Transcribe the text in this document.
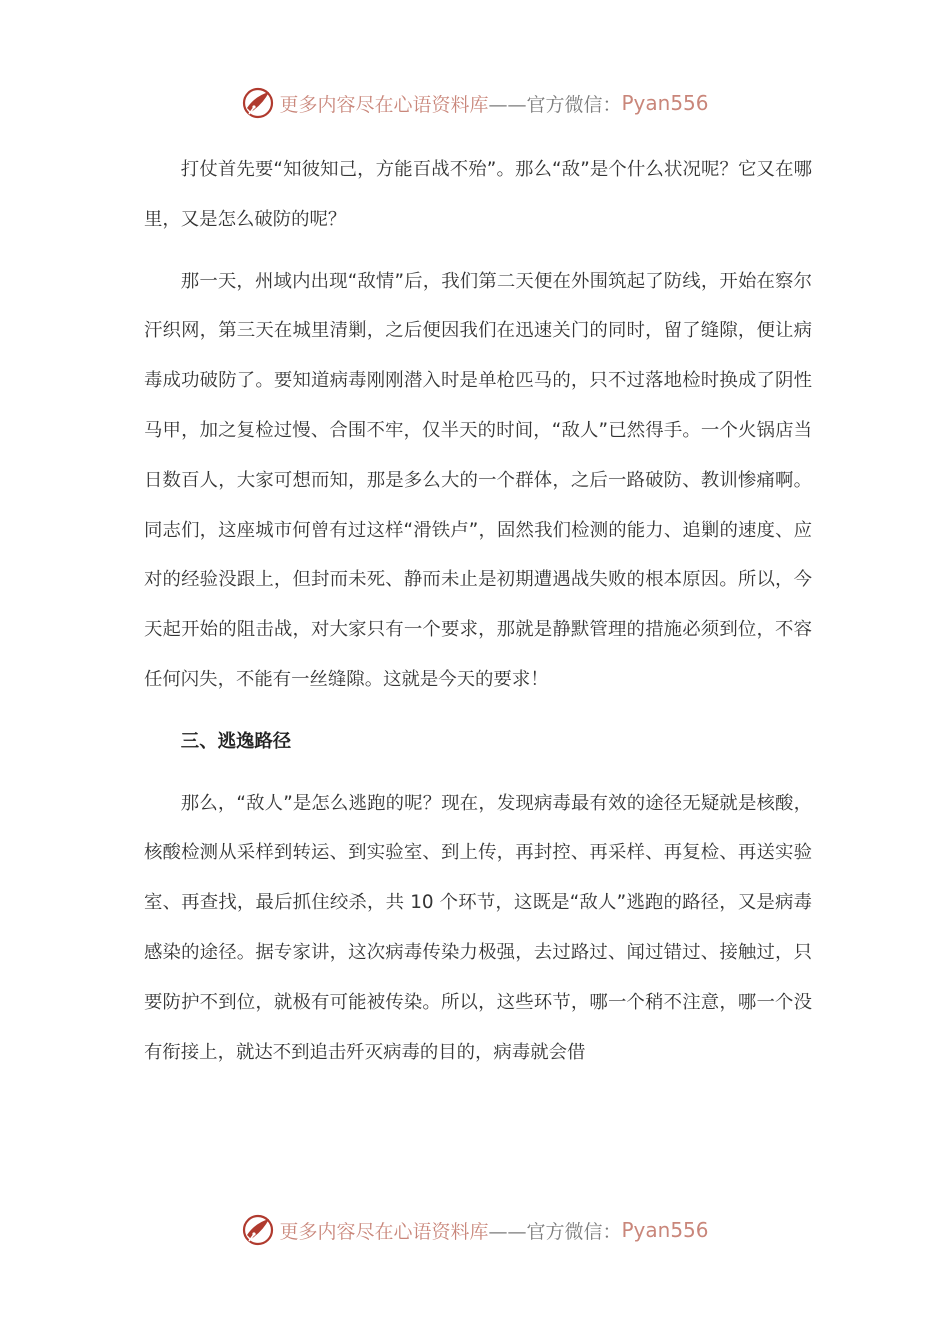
更多内容尽在心语资料库 ——官方微信： Pyan556

打仗首先要“知彼知己，方能百战不殆”。那么“敌”是个什么状况呢？它又在哪里，又是怎么破防的呢？

那一天，州域内出现“敌情”后，我们第二天便在外围筑起了防线，开始在察尔汗织网，第三天在城里清剿，之后便因我们在迅速关门的同时，留了缝隙，便让病毒成功破防了。要知道病毒刚刚潜入时是单枪匹马的，只不过落地检时换成了阴性马甲，加之复检过慢、合围不牢，仅半天的时间，“敌人”已然得手。一个火锅店当日数百人，大家可想而知，那是多么大的一个群体，之后一路破防、教训惨痛啊。同志们，这座城市何曾有过这样“滑铁卢”，固然我们检测的能力、追剿的速度、应对的经验没跟上，但封而未死、静而未止是初期遭遇战失败的根本原因。所以，今天起开始的阻击战，对大家只有一个要求，那就是静默管理的措施必须到位，不容任何闪失，不能有一丝缝隙。这就是今天的要求！

三、逃逸路径

那么，“敌人”是怎么逃跑的呢？现在，发现病毒最有效的途径无疑就是核酸，核酸检测从采样到转运、到实验室、到上传，再封控、再采样、再复检、再送实验室、再查找，最后抓住绞杀，共 10 个环节，这既是“敌人”逃跑的路径，又是病毒感染的途径。据专家讲，这次病毒传染力极强，去过路过、闻过错过、接触过，只要防护不到位，就极有可能被传染。所以，这些环节，哪一个稍不注意，哪一个没有衔接上，就达不到追击歼灭病毒的目的，病毒就会借

更多内容尽在心语资料库 ——官方微信： Pyan556
